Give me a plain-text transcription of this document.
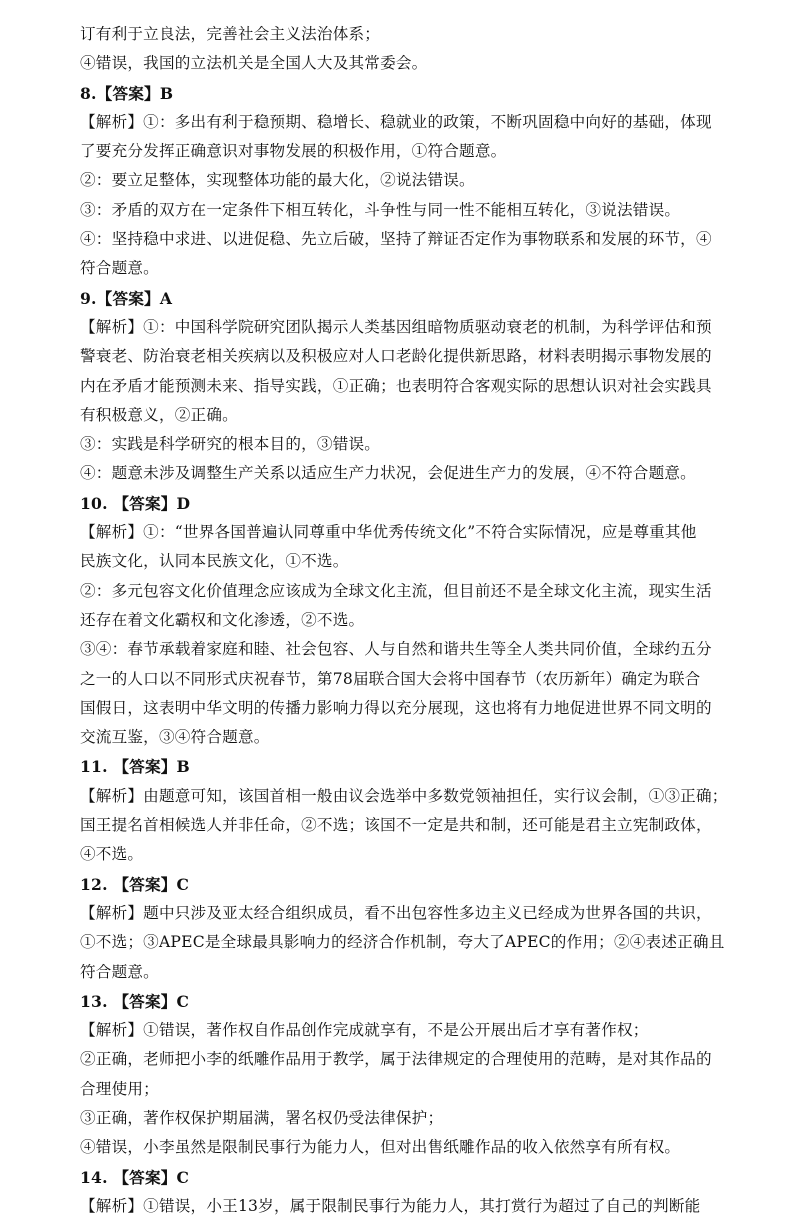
订有利于立良法，完善社会主义法治体系；
④错误，我国的立法机关是全国人大及其常委会。
8.【答案】B
【解析】①：多出有利于稳预期、稳增长、稳就业的政策，不断巩固稳中向好的基础，体现
了要充分发挥正确意识对事物发展的积极作用，①符合题意。
②：要立足整体，实现整体功能的最大化，②说法错误。
③：矛盾的双方在一定条件下相互转化，斗争性与同一性不能相互转化，③说法错误。
④：坚持稳中求进、以进促稳、先立后破，坚持了辩证否定作为事物联系和发展的环节，④
符合题意。
9.【答案】A
【解析】①：中国科学院研究团队揭示人类基因组暗物质驱动衰老的机制，为科学评估和预
警衰老、防治衰老相关疾病以及积极应对人口老龄化提供新思路，材料表明揭示事物发展的
内在矛盾才能预测未来、指导实践，①正确；也表明符合客观实际的思想认识对社会实践具
有积极意义，②正确。
③：实践是科学研究的根本目的，③错误。
④：题意未涉及调整生产关系以适应生产力状况，会促进生产力的发展，④不符合题意。
10. 【答案】D
【解析】①：“世界各国普遍认同尊重中华优秀传统文化”不符合实际情况，应是尊重其他
民族文化，认同本民族文化，①不选。
②：多元包容文化价值理念应该成为全球文化主流，但目前还不是全球文化主流，现实生活
还存在着文化霸权和文化渗透，②不选。
③④：春节承载着家庭和睦、社会包容、人与自然和谐共生等全人类共同价值，全球约五分
之一的人口以不同形式庆祝春节，第78届联合国大会将中国春节（农历新年）确定为联合
国假日，这表明中华文明的传播力影响力得以充分展现，这也将有力地促进世界不同文明的
交流互鉴，③④符合题意。
11. 【答案】B
【解析】由题意可知，该国首相一般由议会选举中多数党领袖担任，实行议会制，①③正确；
国王提名首相候选人并非任命，②不选；该国不一定是共和制，还可能是君主立宪制政体，
④不选。
12. 【答案】C
【解析】题中只涉及亚太经合组织成员，看不出包容性多边主义已经成为世界各国的共识，
①不选；③APEC是全球最具影响力的经济合作机制，夸大了APEC的作用；②④表述正确且
符合题意。
13. 【答案】C
【解析】①错误，著作权自作品创作完成就享有，不是公开展出后才享有著作权；
②正确，老师把小李的纸雕作品用于教学，属于法律规定的合理使用的范畴，是对其作品的
合理使用；
③正确，著作权保护期届满，署名权仍受法律保护；
④错误，小李虽然是限制民事行为能力人，但对出售纸雕作品的收入依然享有所有权。
14. 【答案】C
【解析】①错误，小王13岁，属于限制民事行为能力人，其打赏行为超过了自己的判断能
